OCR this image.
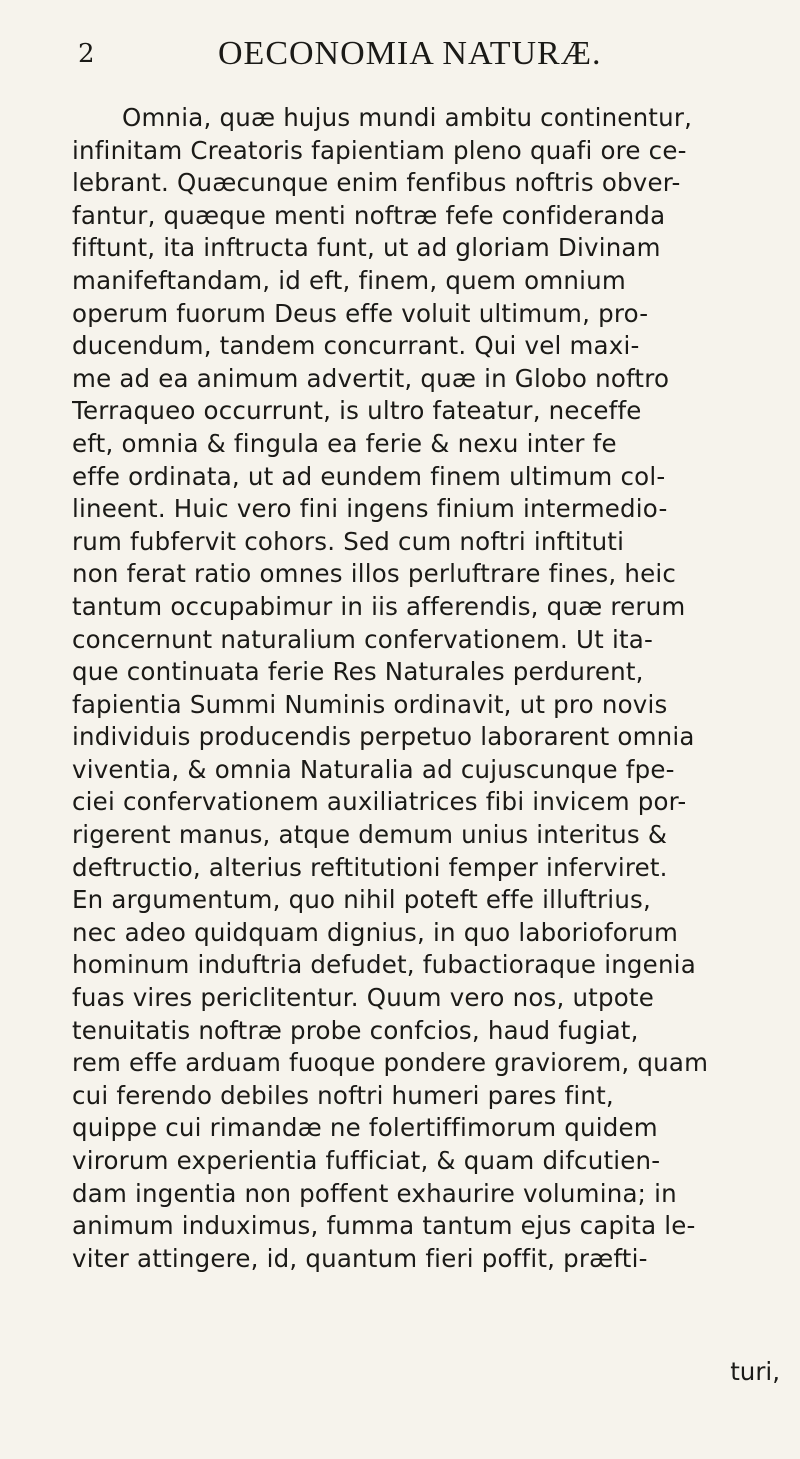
2	OECONOMIA NATURÆ.
Omnia, quæ hujus mundi ambitu continentur,
infinitam Creatoris fapientiam pleno quafi ore ce-
lebrant. Quæcunque enim fenfibus noftris obver-
fantur, quæque menti noftræ fefe confideranda
fiftunt, ita inftructa funt, ut ad gloriam Divinam
manifeftandam, id eft, finem, quem omnium
operum fuorum Deus effe voluit ultimum, pro-
ducendum, tandem concurrant. Qui vel maxi-
me ad ea animum advertit, quæ in Globo noftro
Terraqueo occurrunt, is ultro fateatur, neceffe
eft, omnia & fingula ea ferie & nexu inter fe
effe ordinata, ut ad eundem finem ultimum col-
lineent. Huic vero fini ingens finium intermedio-
rum fubfervit cohors. Sed cum noftri inftituti
non ferat ratio omnes illos perluftrare fines, heic
tantum occupabimur in iis afferendis, quæ rerum
concernunt naturalium confervationem. Ut ita-
que continuata ferie Res Naturales perdurent,
fapientia Summi Numinis ordinavit, ut pro novis
individuis producendis perpetuo laborarent omnia
viventia, & omnia Naturalia ad cujuscunque fpe-
ciei confervationem auxiliatrices fibi invicem por-
rigerent manus, atque demum unius interitus &
deftructio, alterius reftitutioni femper inferviret.
En argumentum, quo nihil poteft effe illuftrius,
nec adeo quidquam dignius, in quo laborioforum
hominum induftria defudet, fubactioraque ingenia
fuas vires periclitentur. Quum vero nos, utpote
tenuitatis noftræ probe confcios, haud fugiat,
rem effe arduam fuoque pondere graviorem, quam
cui ferendo debiles noftri humeri pares fint,
quippe cui rimandæ ne folertiffimorum quidem
virorum experientia fufficiat, & quam difcutien-
dam ingentia non poffent exhaurire volumina; in
animum induximus, fumma tantum ejus capita le-
viter attingere, id, quantum fieri poffit, præfti-
turi,
